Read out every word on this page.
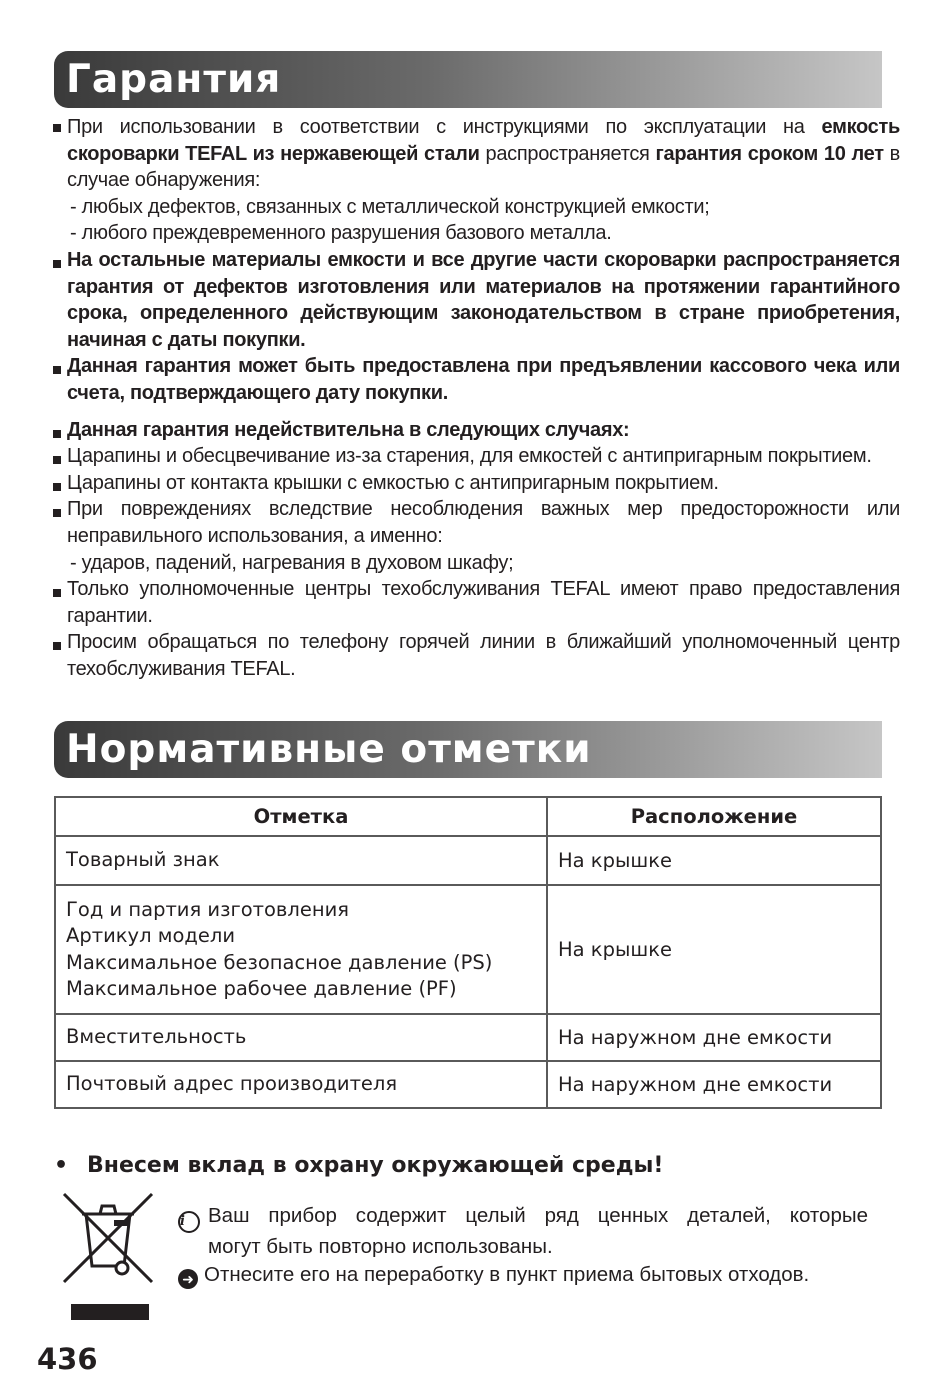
Гарантия
При использовании в соответствии с инструкциями по эксплуатации на емкость скороварки TEFAL из нержавеющей стали распространяется гарантия сроком 10 лет в случае обнаружения:
- любых дефектов, связанных с металлической конструкцией емкости;
- любого преждевременного разрушения базового металла.
На остальные материалы емкости и все другие части скороварки распространяется гарантия от дефектов изготовления или материалов на протяжении гарантийного срока, определенного действующим законодательством в стране приобретения, начиная с даты покупки.
Данная гарантия может быть предоставлена при предъявлении кассового чека или счета, подтверждающего дату покупки.
Данная гарантия недействительна в следующих случаях:
Царапины и обесцвечивание из-за старения, для емкостей с антипригарным покрытием.
Царапины от контакта крышки с емкостью с антипригарным покрытием.
При повреждениях вследствие несоблюдения важных мер предосторожности или неправильного использования, а именно:
- ударов, падений, нагревания в духовом шкафу;
Только уполномоченные центры техобслуживания TEFAL имеют право предоставления гарантии.
Просим обращаться по телефону горячей линии в ближайший уполномоченный центр техобслуживания TEFAL.
Нормативные отметки
Отметка	Расположение

Товарный знак	На крышке

Год и партия изготовления
Артикул модели
Максимальное безопасное давление (PS)
Максимальное рабочее давление (PF)	На крышке

Вместительность	На наружном дне емкости

Почтовый адрес производителя	На наружном дне емкости
• Внесем вклад в охрану окружающей среды!
i Ваш прибор содержит целый ряд ценных деталей, которые
могут быть повторно использованы.
➜ Отнесите его на переработку в пункт приема бытовых отходов.
436
